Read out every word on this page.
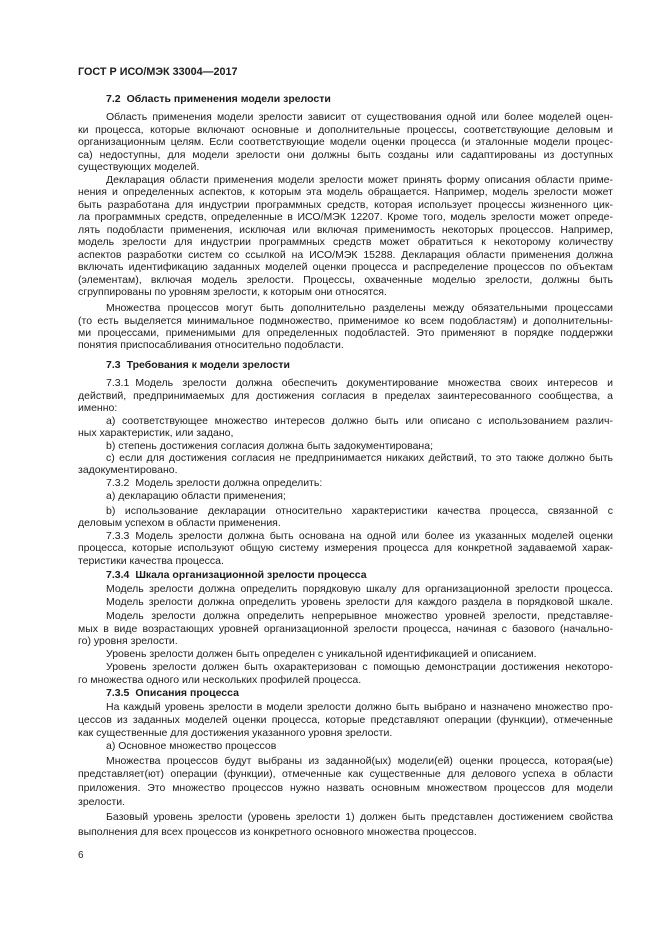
ГОСТ Р ИСО/МЭК 33004—2017
7.2 Область применения модели зрелости
Область применения модели зрелости зависит от существования одной или более моделей оцен-
ки процесса, которые включают основные и дополнительные процессы, соответствующие деловым и
организационным целям. Если соответствующие модели оценки процесса (и эталонные модели процес-
са) недоступны, для модели зрелости они должны быть созданы или садаптированы из доступных
существующих моделей.
Декларация области применения модели зрелости может принять форму описания области приме-
нения и определенных аспектов, к которым эта модель обращается. Например, модель зрелости может
быть разработана для индустрии программных средств, которая использует процессы жизненного цик-
ла программных средств, определенные в ИСО/МЭК 12207. Кроме того, модель зрелости может опреде-
лять подобласти применения, исключая или включая применимость некоторых процессов. Например,
модель зрелости для индустрии программных средств может обратиться к некоторому количеству
аспектов разработки систем со ссылкой на ИСО/МЭК 15288. Декларация области применения должна
включать идентификацию заданных моделей оценки процесса и распределение процессов по объектам
(элементам), включая модель зрелости. Процессы, охваченные моделью зрелости, должны быть
сгруппированы по уровням зрелости, к которым они относятся.
Множества процессов могут быть дополнительно разделены между обязательными процессами
(то есть выделяется минимальное подмножество, применимое ко всем подобластям) и дополнительны-
ми процессами, применимыми для определенных подобластей. Это применяют в порядке поддержки
понятия приспосабливания относительно подобласти.
7.3 Требования к модели зрелости
7.3.1 Модель зрелости должна обеспечить документирование множества своих интересов и
действий, предпринимаемых для достижения согласия в пределах заинтересованного сообщества, а
именно:
a) соответствующее множество интересов должно быть или описано с использованием различ-
ных характеристик, или задано,
b) степень достижения согласия должна быть задокументирована;
c) если для достижения согласия не предпринимается никаких действий, то это также должно быть
задокументировано.
7.3.2 Модель зрелости должна определить:
a) декларацию области применения;
b) использование декларации относительно характеристики качества процесса, связанной с
деловым успехом в области применения.
7.3.3 Модель зрелости должна быть основана на одной или более из указанных моделей оценки
процесса, которые используют общую систему измерения процесса для конкретной задаваемой харак-
теристики качества процесса.
7.3.4 Шкала организационной зрелости процесса
Модель зрелости должна определить порядковую шкалу для организационной зрелости процесса.
Модель зрелости должна определить уровень зрелости для каждого раздела в порядковой шкале.
Модель зрелости должна определить непрерывное множество уровней зрелости, представляе-
мых в виде возрастающих уровней организационной зрелости процесса, начиная с базового (начально-
го) уровня зрелости.
Уровень зрелости должен быть определен с уникальной идентификацией и описанием.
Уровень зрелости должен быть охарактеризован с помощью демонстрации достижения некоторо-
го множества одного или нескольких профилей процесса.
7.3.5 Описания процесса
На каждый уровень зрелости в модели зрелости должно быть выбрано и назначено множество про-
цессов из заданных моделей оценки процесса, которые представляют операции (функции), отмеченные
как существенные для достижения указанного уровня зрелости.
a) Основное множество процессов
Множества процессов будут выбраны из заданной(ых) модели(ей) оценки процесса, которая(ые)
представляет(ют) операции (функции), отмеченные как существенные для делового успеха в области
приложения. Это множество процессов нужно назвать основным множеством процессов для модели
зрелости.
Базовый уровень зрелости (уровень зрелости 1) должен быть представлен достижением свойства
выполнения для всех процессов из конкретного основного множества процессов.
6
